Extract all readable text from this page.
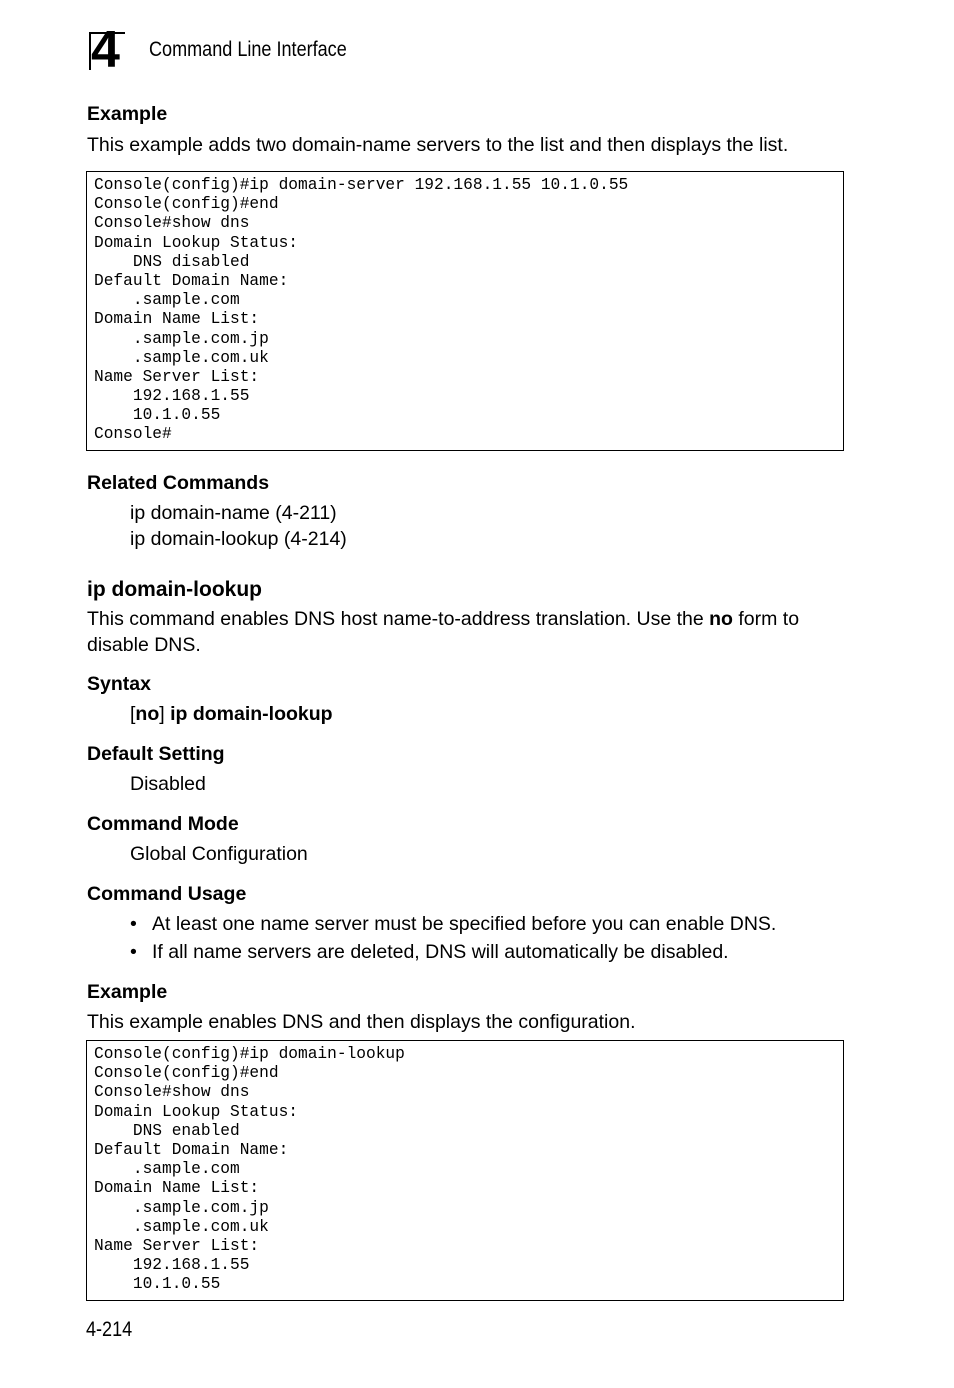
4 Command Line Interface
Example
This example adds two domain-name servers to the list and then displays the list.
Console(config)#ip domain-server 192.168.1.55 10.1.0.55
Console(config)#end
Console#show dns
Domain Lookup Status:
DNS disabled
Default Domain Name:
.sample.com
Domain Name List:
.sample.com.jp
.sample.com.uk
Name Server List:
192.168.1.55
10.1.0.55
Console#
Related Commands
ip domain-name (4-211)
ip domain-lookup (4-214)
ip domain-lookup
This command enables DNS host name-to-address translation. Use the no form to
disable DNS.
Syntax
[no] ip domain-lookup
Default Setting
Disabled
Command Mode
Global Configuration
Command Usage
• At least one name server must be specified before you can enable DNS.
• If all name servers are deleted, DNS will automatically be disabled.
Example
This example enables DNS and then displays the configuration.
Console(config)#ip domain-lookup
Console(config)#end
Console#show dns
Domain Lookup Status:
DNS enabled
Default Domain Name:
.sample.com
Domain Name List:
.sample.com.jp
.sample.com.uk
Name Server List:
192.168.1.55
10.1.0.55
4-214
